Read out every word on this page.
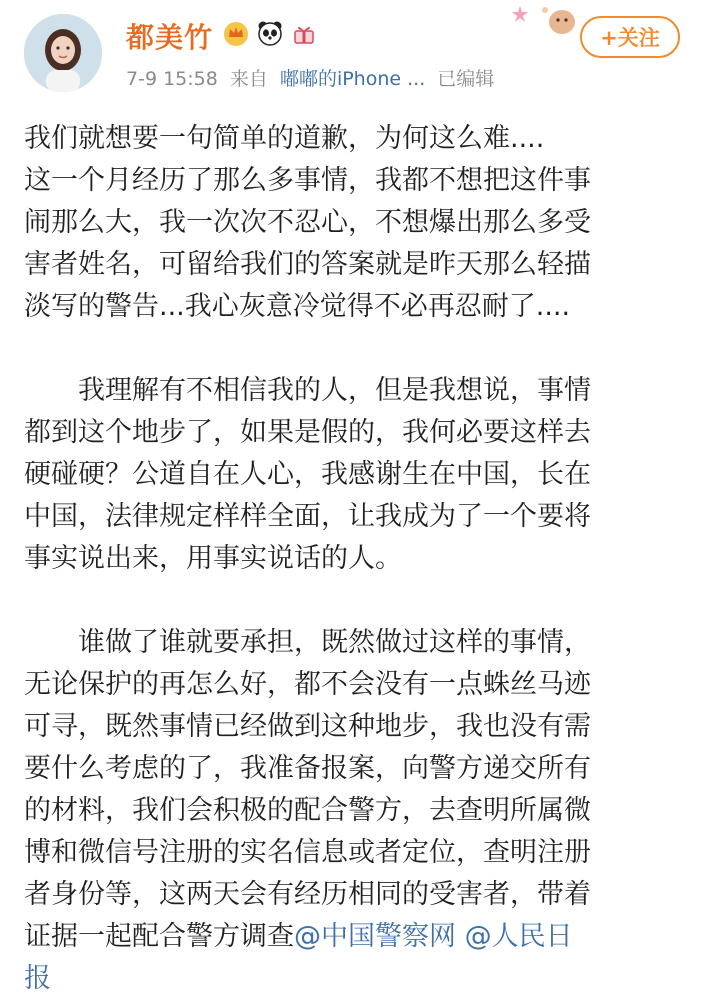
都美竹
7-9 15:58 来自 嘟嘟的iPhone ... 已编辑
+关注

我们就想要一句简单的道歉，为何这么难....
这一个月经历了那么多事情，我都不想把这件事
闹那么大，我一次次不忍心，不想爆出那么多受
害者姓名，可留给我们的答案就是昨天那么轻描
淡写的警告...我心灰意冷觉得不必再忍耐了....

我理解有不相信我的人，但是我想说，事情
都到这个地步了，如果是假的，我何必要这样去
硬碰硬？公道自在人心，我感谢生在中国，长在
中国，法律规定样样全面，让我成为了一个要将
事实说出来，用事实说话的人。

谁做了谁就要承担，既然做过这样的事情，
无论保护的再怎么好，都不会没有一点蛛丝马迹
可寻，既然事情已经做到这种地步，我也没有需
要什么考虑的了，我准备报案，向警方递交所有
的材料，我们会积极的配合警方，去查明所属微
博和微信号注册的实名信息或者定位，查明注册
者身份等，这两天会有经历相同的受害者，带着
证据一起配合警方调查@中国警察网 @人民日
报
